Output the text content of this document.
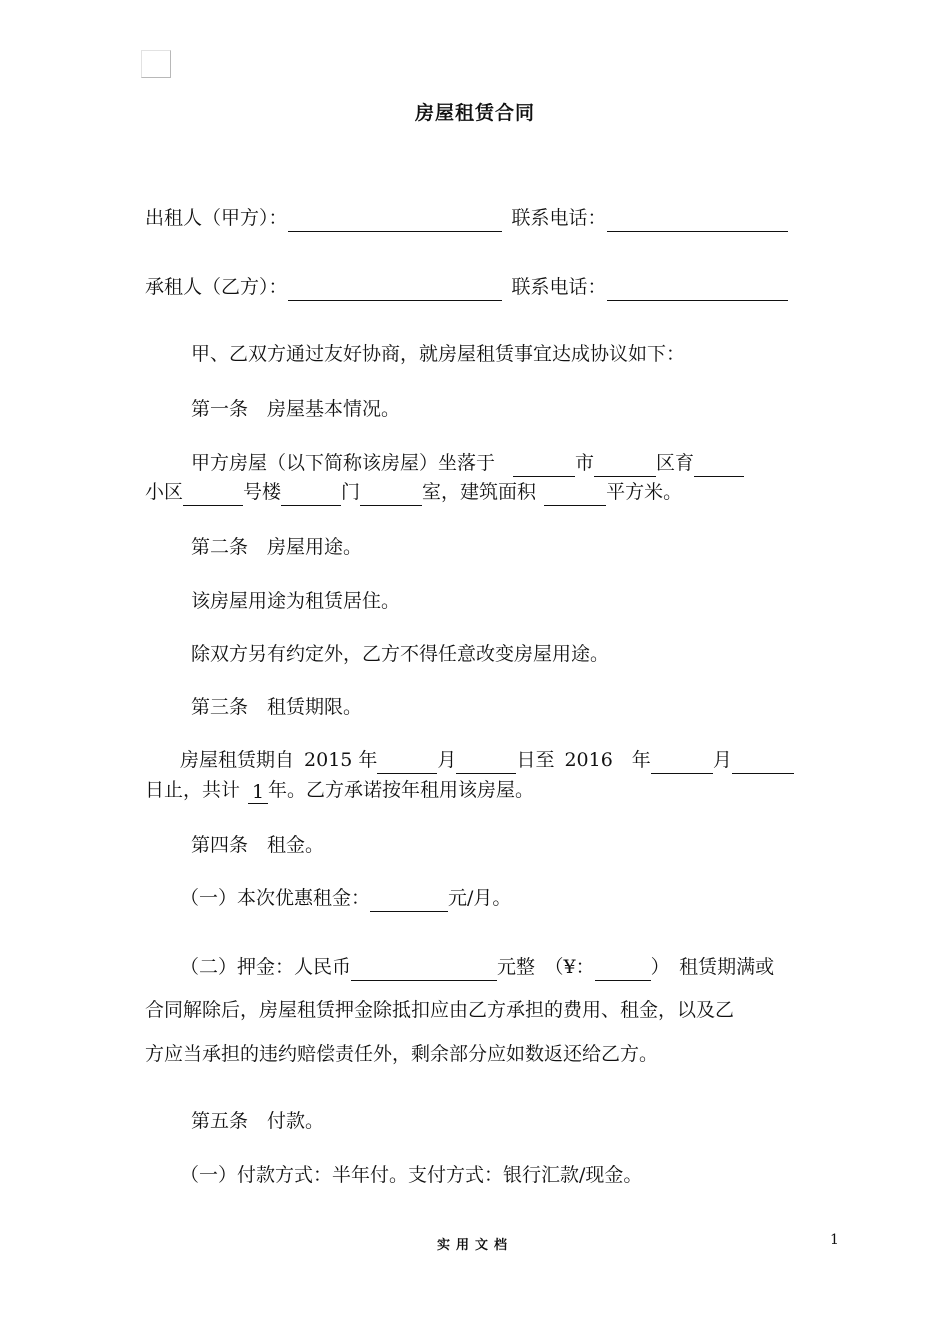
房屋租赁合同
出租人（甲方）：	联系电话：
承租人（乙方）：	联系电话：
甲、乙双方通过友好协商，就房屋租赁事宜达成协议如下：
第一条　房屋基本情况。
甲方房屋（以下简称该房屋）坐落于	市	区育
小区	号楼	门	室，建筑面积	平方米。
第二条　房屋用途。
该房屋用途为租赁居住。
除双方另有约定外，乙方不得任意改变房屋用途。
第三条　租赁期限。
房屋租赁期自 2015 年	月	日至 2016　年	月
日止，共计 1 年。乙方承诺按年租用该房屋。
第四条　租金。
（一）本次优惠租金：	元/月。
（二）押金：人民币	元整　（¥：	）　租赁期满或
合同解除后，房屋租赁押金除抵扣应由乙方承担的费用、租金，以及乙
方应当承担的违约赔偿责任外，剩余部分应如数返还给乙方。
第五条　付款。
（一）付款方式：半年付。支付方式：银行汇款/现金。
实用文档	1
